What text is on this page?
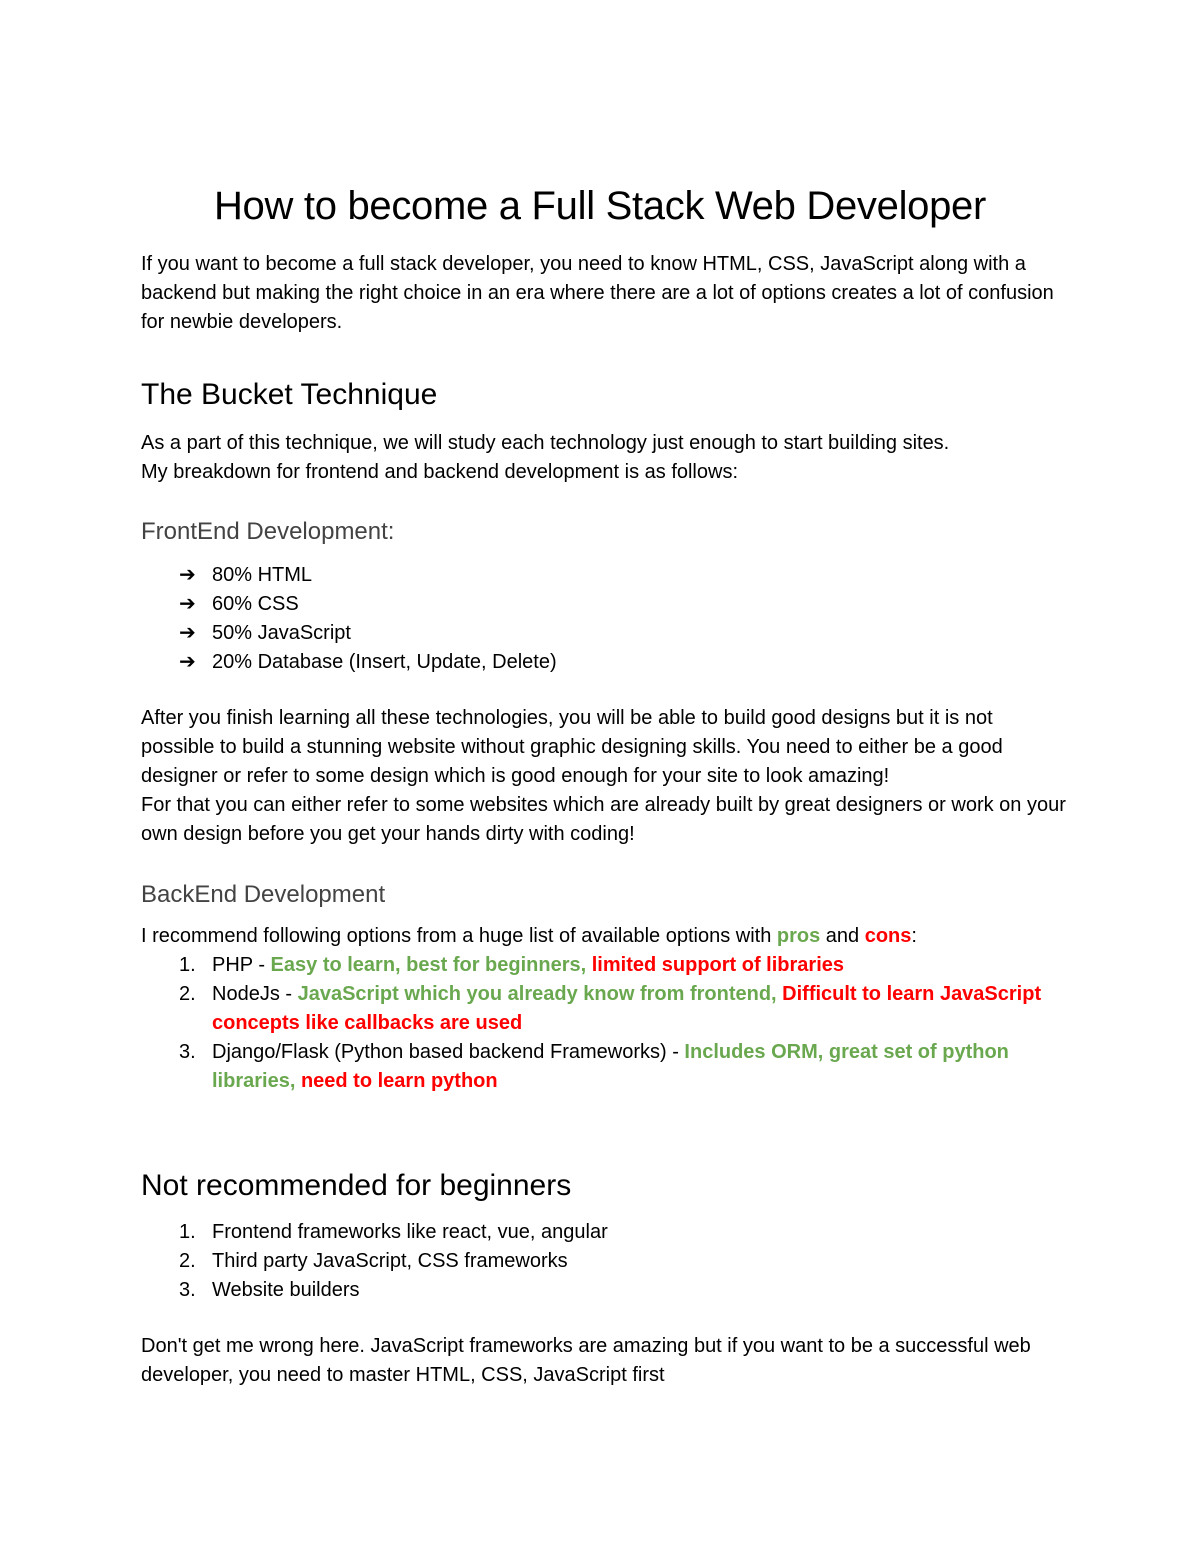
How to become a Full Stack Web Developer

If you want to become a full stack developer, you need to know HTML, CSS, JavaScript along with a backend but making the right choice in an era where there are a lot of options creates a lot of confusion for newbie developers.

The Bucket Technique

As a part of this technique, we will study each technology just enough to start building sites.
My breakdown for frontend and backend development is as follows:

FrontEnd Development:
➔ 80% HTML
➔ 60% CSS
➔ 50% JavaScript
➔ 20% Database (Insert, Update, Delete)

After you finish learning all these technologies, you will be able to build good designs but it is not possible to build a stunning website without graphic designing skills. You need to either be a good designer or refer to some design which is good enough for your site to look amazing!
For that you can either refer to some websites which are already built by great designers or work on your own design before you get your hands dirty with coding!

BackEnd Development

I recommend following options from a huge list of available options with pros and cons:

1. PHP - Easy to learn, best for beginners, limited support of libraries
2. NodeJs - JavaScript which you already know from frontend, Difficult to learn JavaScript concepts like callbacks are used
3. Django/Flask (Python based backend Frameworks) - Includes ORM, great set of python libraries, need to learn python
Not recommended for beginners
1. Frontend frameworks like react, vue, angular
2. Third party JavaScript, CSS frameworks
3. Website builders

Don't get me wrong here. JavaScript frameworks are amazing but if you want to be a successful web developer, you need to master HTML, CSS, JavaScript first
